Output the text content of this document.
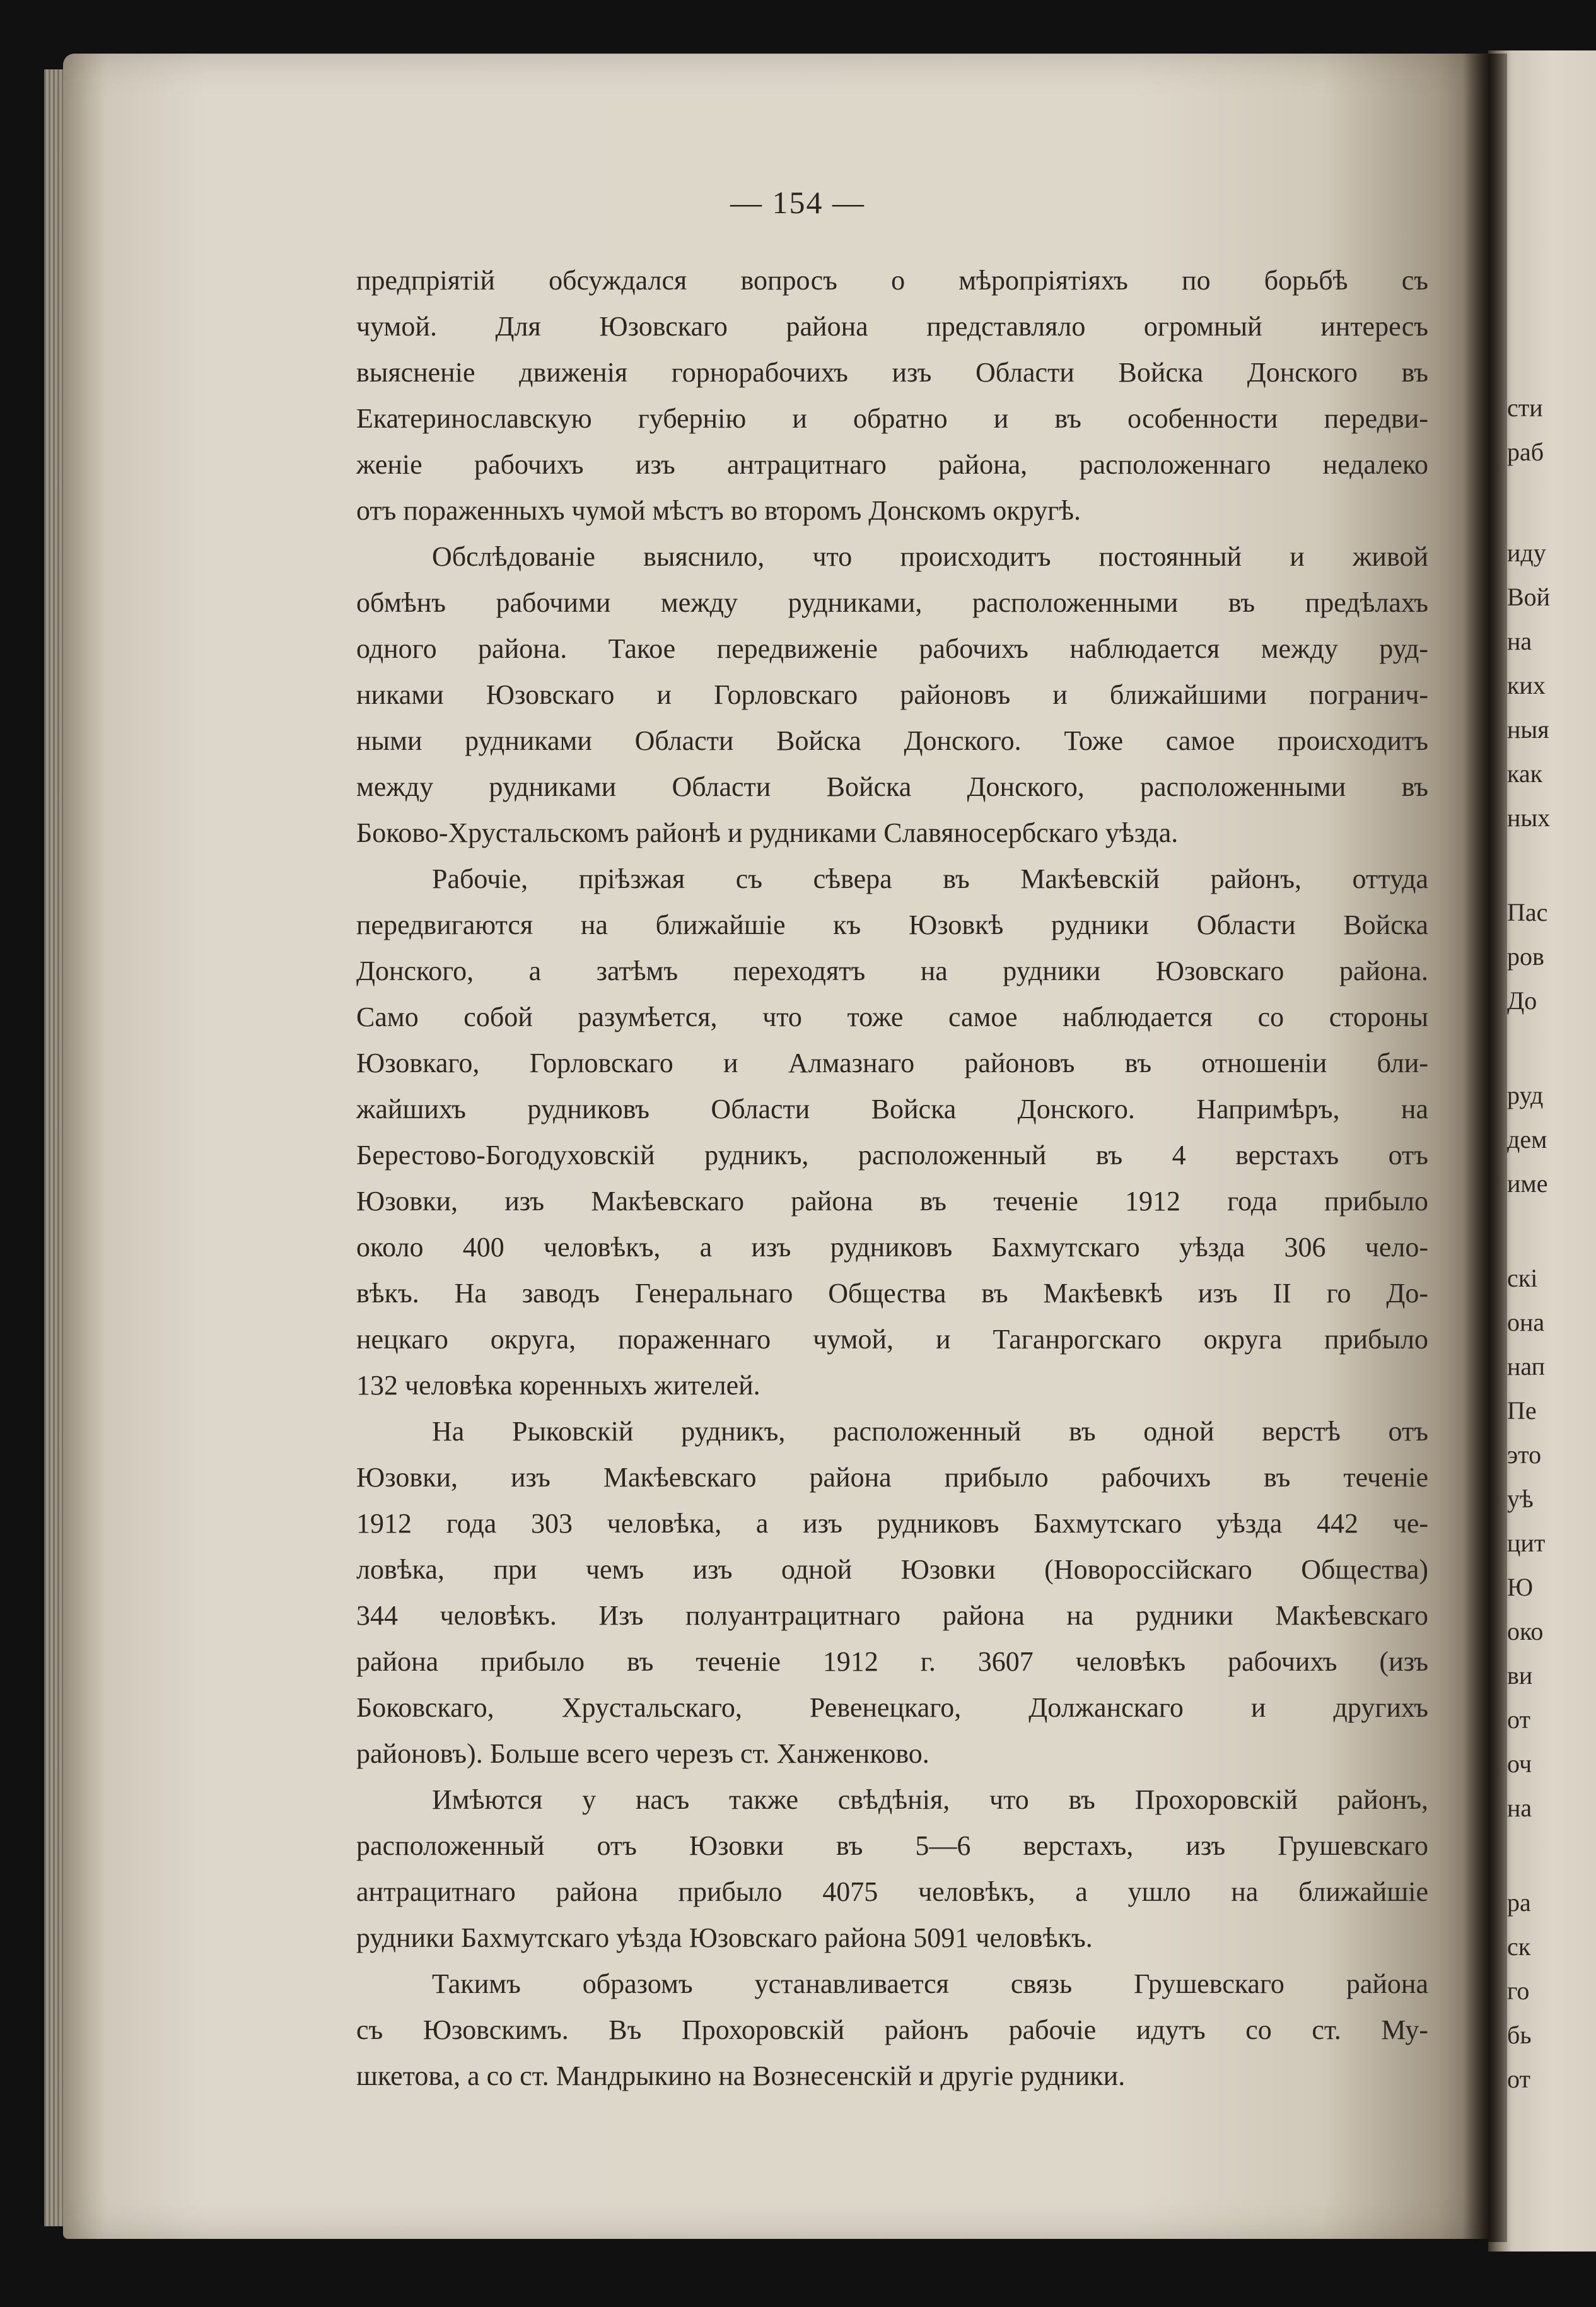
сти
раб
иду
Вой
на
ких
ныя
как
ных
Пас
ров
До
руд
дем
име
скі
она
нап
Пе
это
уѣ
цит
Ю
око
ви
от
оч
на
ра
ск
го
бь
от
— 154 —
предпріятій обсуждался вопросъ о мѣропріятіяхъ по борьбѣ съ
чумой. Для Юзовскаго района представляло огромный интересъ
выясненіе движенія горнорабочихъ изъ Области Войска Донского въ
Екатеринославскую губернію и обратно и въ особенности передви-
женіе рабочихъ изъ антрацитнаго района, расположеннаго недалеко
отъ пораженныхъ чумой мѣстъ во второмъ Донскомъ округѣ.
Обслѣдованіе выяснило, что происходитъ постоянный и живой
обмѣнъ рабочими между рудниками, расположенными въ предѣлахъ
одного района. Такое передвиженіе рабочихъ наблюдается между руд-
никами Юзовскаго и Горловскаго районовъ и ближайшими погранич-
ными рудниками Области Войска Донского. Тоже самое происходитъ
между рудниками Области Войска Донского, расположенными въ
Боково-Хрустальскомъ районѣ и рудниками Славяносербскаго уѣзда.
Рабочіе, пріѣзжая съ сѣвера въ Макѣевскій районъ, оттуда
передвигаются на ближайшіе къ Юзовкѣ рудники Области Войска
Донского, а затѣмъ переходятъ на рудники Юзовскаго района.
Само собой разумѣется, что тоже самое наблюдается со стороны
Юзовкаго, Горловскаго и Алмазнаго районовъ въ отношеніи бли-
жайшихъ рудниковъ Области Войска Донского. Напримѣръ, на
Берестово-Богодуховскій рудникъ, расположенный въ 4 верстахъ отъ
Юзовки, изъ Макѣевскаго района въ теченіе 1912 года прибыло
около 400 человѣкъ, а изъ рудниковъ Бахмутскаго уѣзда 306 чело-
вѣкъ. На заводъ Генеральнаго Общества въ Макѣевкѣ изъ II го До-
нецкаго округа, пораженнаго чумой, и Таганрогскаго округа прибыло
132 человѣка коренныхъ жителей.
На Рыковскій рудникъ, расположенный въ одной верстѣ отъ
Юзовки, изъ Макѣевскаго района прибыло рабочихъ въ теченіе
1912 года 303 человѣка, а изъ рудниковъ Бахмутскаго уѣзда 442 че-
ловѣка, при чемъ изъ одной Юзовки (Новороссійскаго Общества)
344 человѣкъ. Изъ полуантрацитнаго района на рудники Макѣевскаго
района прибыло въ теченіе 1912 г. 3607 человѣкъ рабочихъ (изъ
Боковскаго, Хрустальскаго, Ревенецкаго, Должанскаго и другихъ
районовъ). Больше всего черезъ ст. Ханженково.
Имѣются у насъ также свѣдѣнія, что въ Прохоровскій районъ,
расположенный отъ Юзовки въ 5—6 верстахъ, изъ Грушевскаго
антрацитнаго района прибыло 4075 человѣкъ, а ушло на ближайшіе
рудники Бахмутскаго уѣзда Юзовскаго района 5091 человѣкъ.
Такимъ образомъ устанавливается связь Грушевскаго района
съ Юзовскимъ. Въ Прохоровскій районъ рабочіе идутъ со ст. Му-
шкетова, а со ст. Мандрыкино на Вознесенскій и другіе рудники.
